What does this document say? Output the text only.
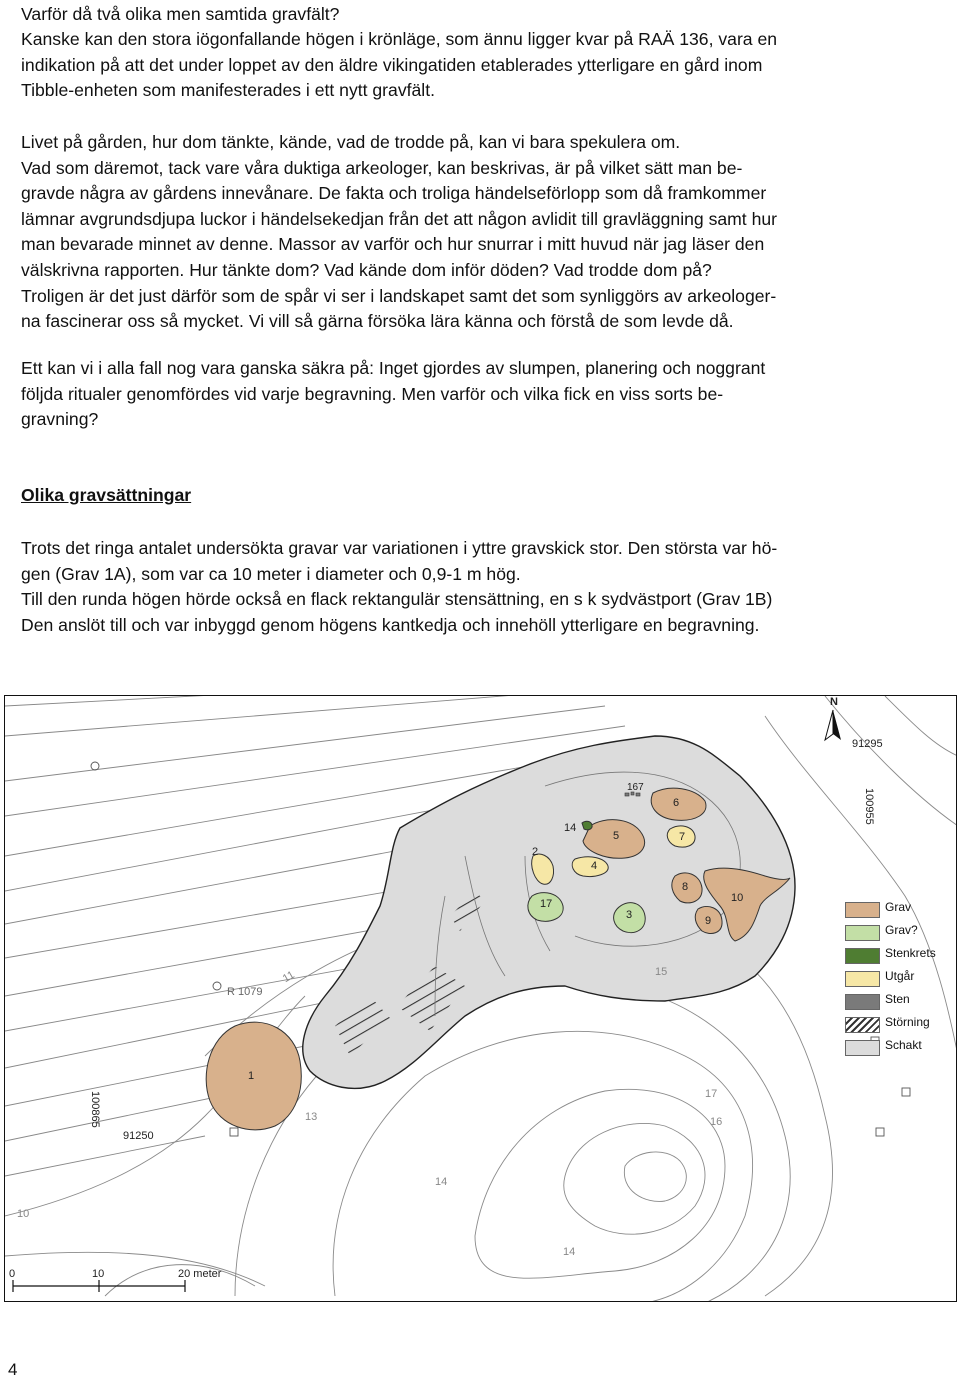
Varför då två olika men samtida gravfält?

Kanske kan den stora iögonfallande högen i krönläge, som ännu ligger kvar på RAÄ 136, vara en
indikation på att det under loppet av den äldre vikingatiden etablerades ytterligare en gård inom
Tibble-enheten som manifesterades i ett nytt gravfält.
Livet på gården, hur dom tänkte, kände, vad de trodde på, kan vi bara spekulera om.
Vad som däremot, tack vare våra duktiga arkeologer, kan beskrivas, är på vilket sätt man be-
gravde några av gårdens innevånare. De fakta och troliga händelseförlopp som då framkommer
lämnar avgrundsdjupa luckor i händelsekedjan från det att någon avlidit till gravläggning samt hur
man bevarade minnet av denne. Massor av varför och hur snurrar i mitt huvud när jag läser den
välskrivna rapporten. Hur tänkte dom? Vad kände dom inför döden? Vad trodde dom på?
Troligen är det just därför som de spår vi ser i landskapet samt det som synliggörs av arkeologer-
na fascinerar oss så mycket. Vi vill så gärna försöka lära känna och förstå de som levde då.
Ett kan vi i alla fall nog vara ganska säkra på: Inget gjordes av slumpen, planering och noggrant
följda ritualer genomfördes vid varje begravning. Men varför och vilka fick en viss sorts be-
gravning?

Olika gravsättningar

Trots det ringa antalet undersökta gravar var variationen i yttre gravskick stor. Den största var hö-
gen (Grav 1A), som var ca 10 meter i diameter och 0,9-1 m hög.
Till den runda högen hörde också en flack rektangulär stensättning, en s k sydvästport (Grav 1B)
Den anslöt till och var inbyggd genom högens kantkedja och innehöll ytterligare en begravning.
N
91295
100955
100865
91250
R 1079
11
13
14
15
16
17
10
14
1
2
3
4
5
6
7
8
9
10
14
17
167
0	10	20 meter
Grav
Grav?
Stenkrets
Utgår
Sten
Störning
Schakt
4
